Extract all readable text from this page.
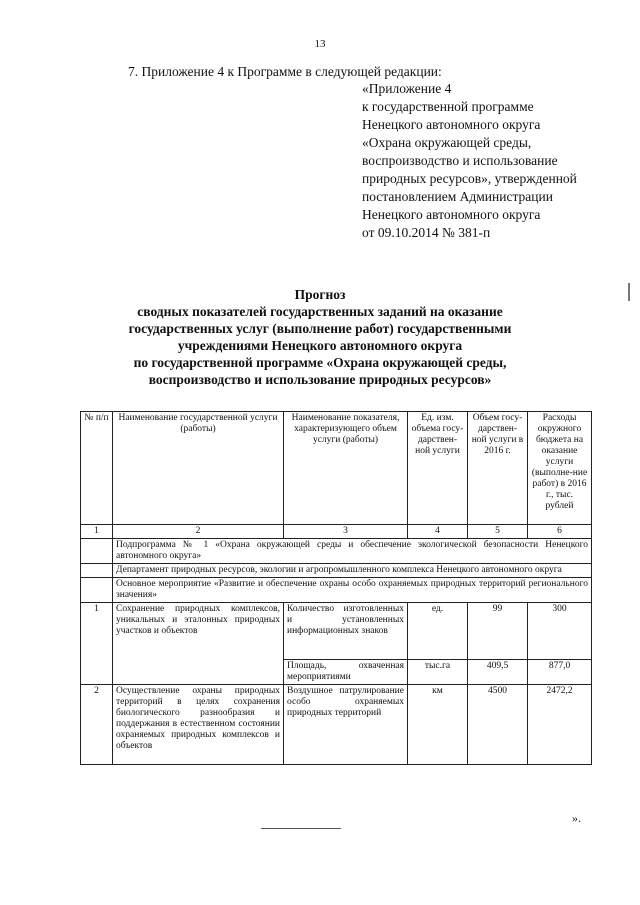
13
7. Приложение 4 к Программе в следующей редакции:
«Приложение 4
к государственной программе
Ненецкого автономного округа
«Охрана окружающей среды,
воспроизводство и использование
природных ресурсов», утвержденной
постановлением Администрации
Ненецкого автономного округа
от 09.10.2014 № 381-п
Прогноз
сводных показателей государственных заданий на оказание
государственных услуг (выполнение работ) государственными
учреждениями Ненецкого автономного округа
по государственной программе «Охрана окружающей среды,
воспроизводство и использование природных ресурсов»
№ п/п	Наименование государственной услуги (работы)	Наименование показателя, характеризующего объем услуги (работы)	Ед. изм. объема госу-дарствен-ной услуги	Объем госу-дарствен-ной услуги в 2016 г.	Расходы окружного бюджета на оказание услуги (выполне-ние работ) в 2016 г., тыс. рублей
1	2	3	4	5	6
	Подпрограмма № 1 «Охрана окружающей среды и обеспечение экологической безопасности Ненецкого автономного округа»				
	Департамент природных ресурсов, экологии и агропромышленного комплекса Ненецкого автономного округа				
	Основное мероприятие «Развитие и обеспечение охраны особо охраняемых природных территорий регионального значения»				
1	Сохранение природных комплексов, уникальных и эталонных природных участков и объектов	Количество изготовленных и установленных информационных знаков	ед.	99	300
		Площадь, охваченная мероприятиями	тыс.га	409,5	877,0
2	Осуществление охраны природных территорий в целях сохранения биологического разнообразия и поддержания в естественном состоянии охраняемых природных комплексов и объектов	Воздушное патрулирование особо охраняемых природных территорий	км	4500	2472,2
».
